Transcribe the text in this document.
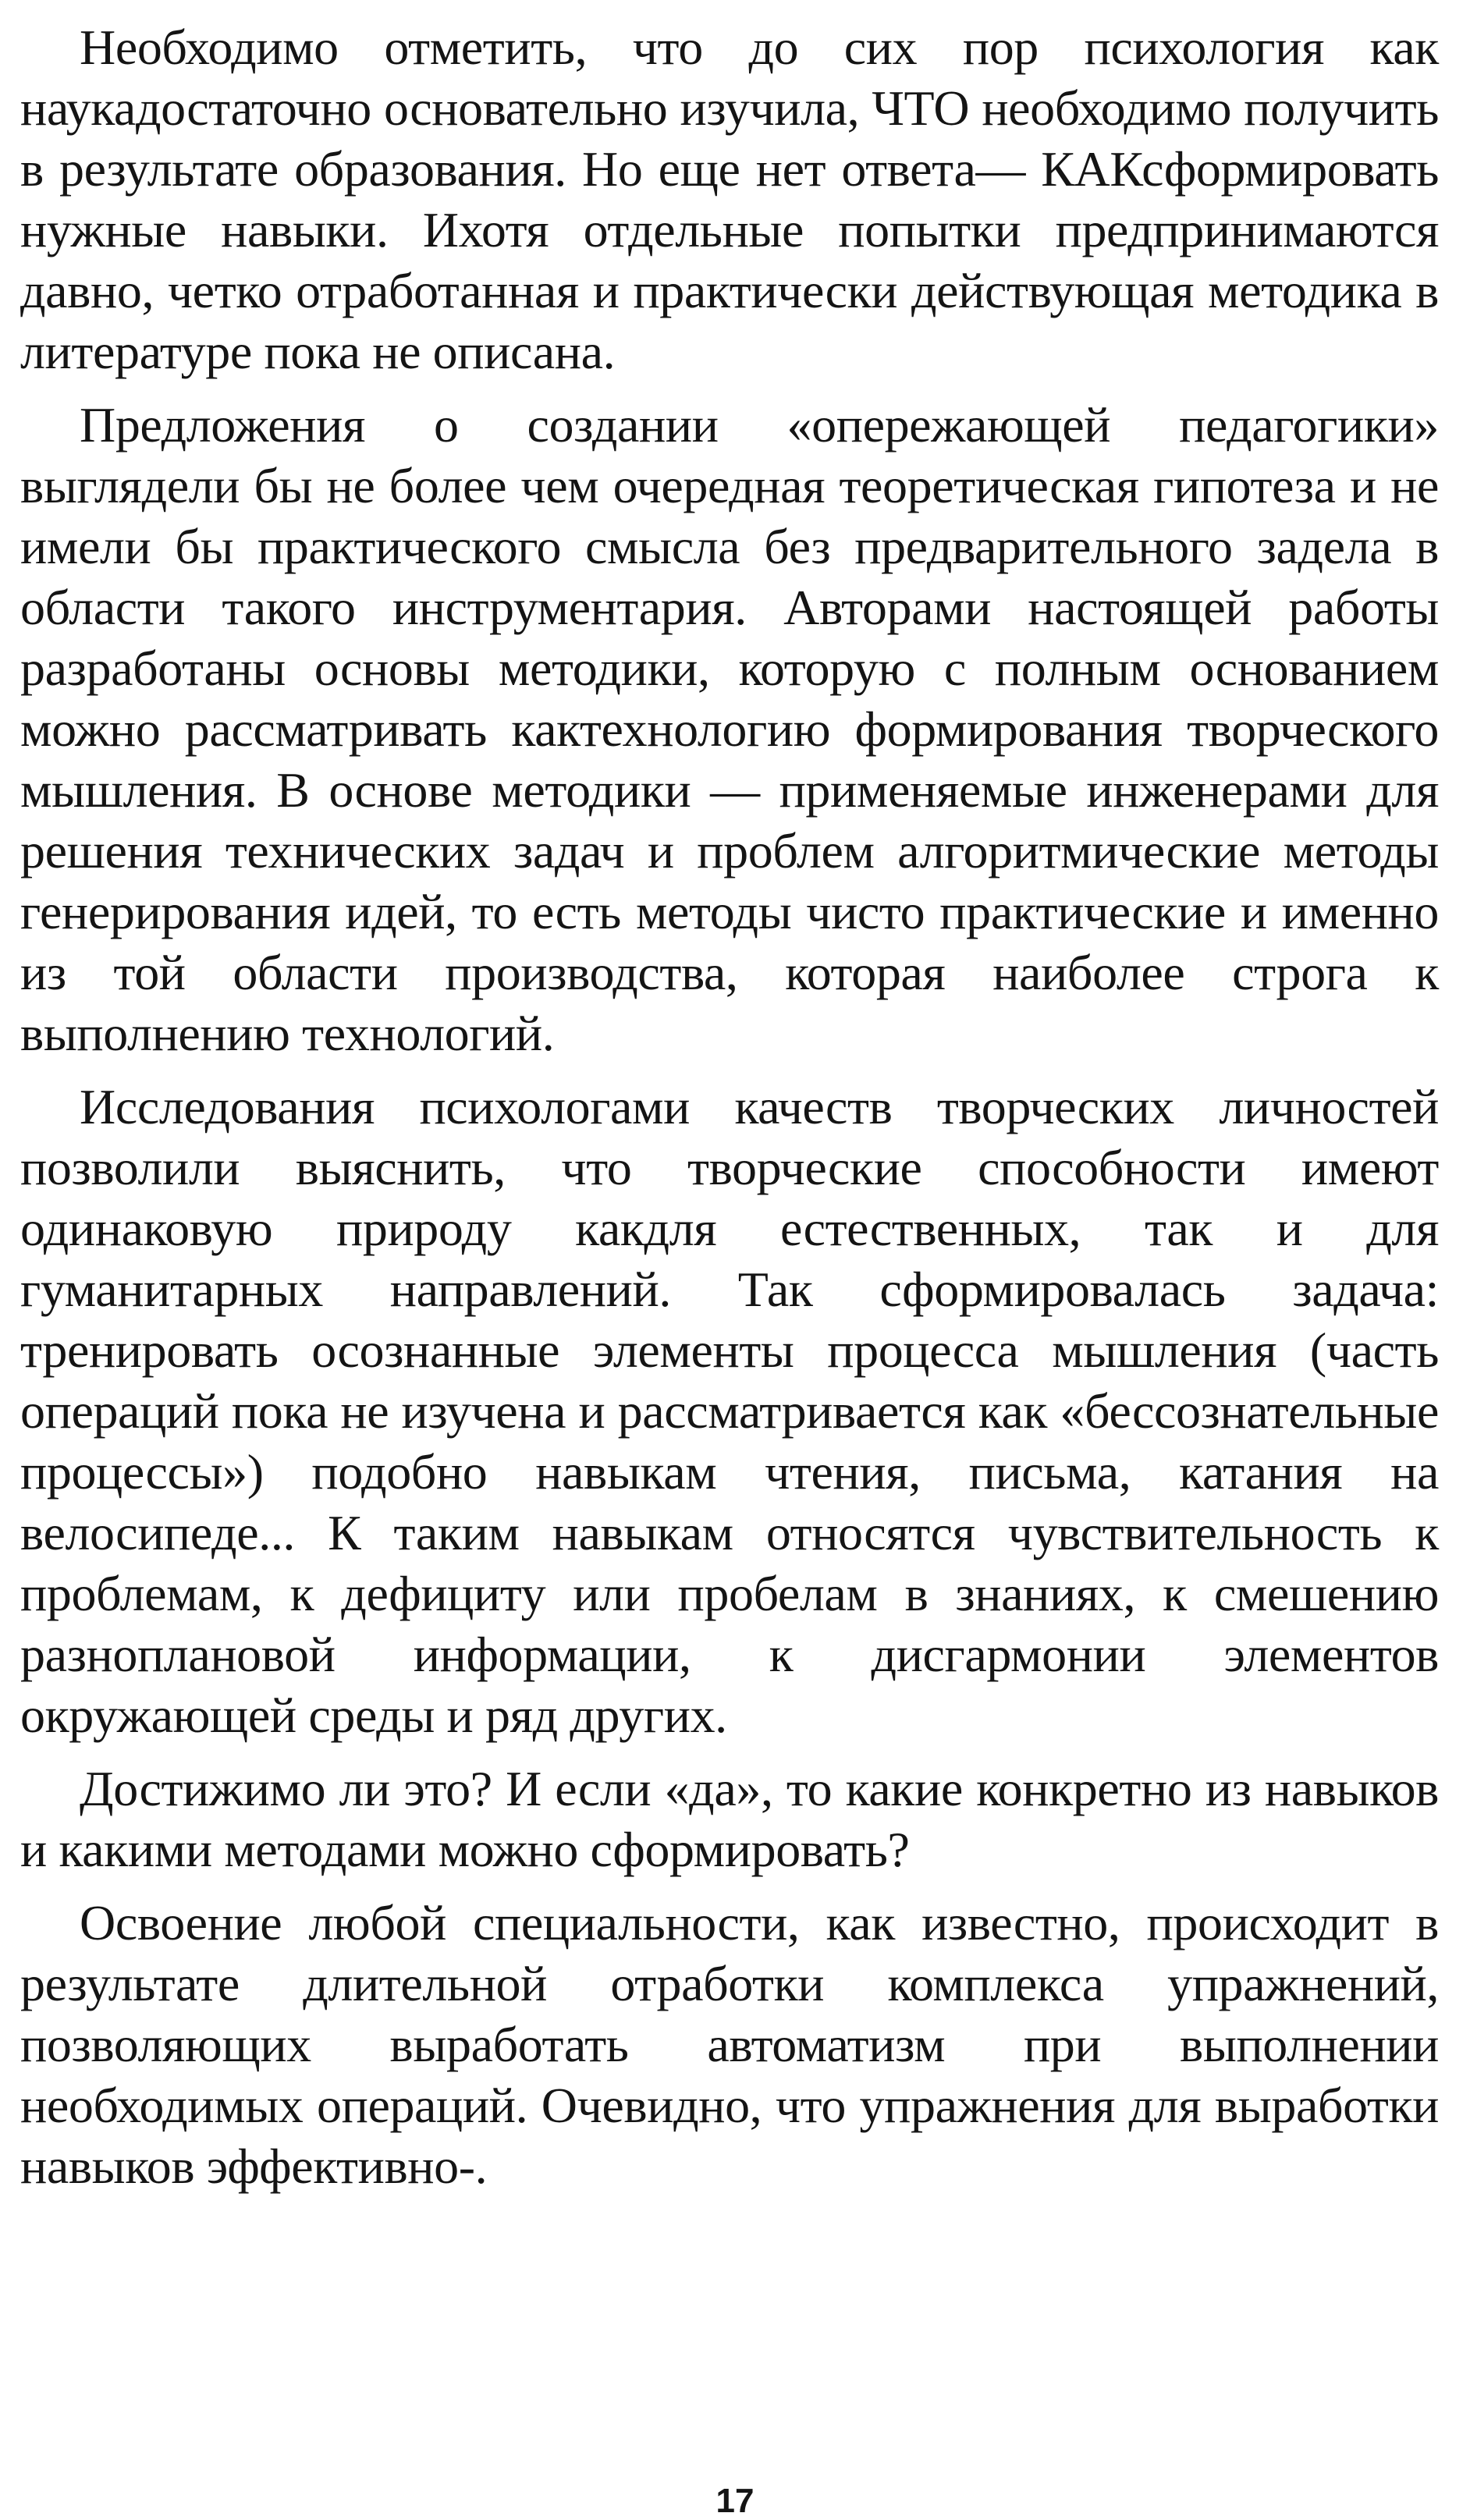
Необходимо отметить, что до сих пор психология как наукадостаточно основательно изучила, ЧТО необходимо получить в результате образования. Но еще нет ответа— КАКсформировать нужные навыки. Ихотя отдельные попытки предпринимаются давно, четко отработанная и практически действующая методика в литературе пока не описана.

Предложения о создании «опережающей педагогики» выглядели бы не более чем очередная теоретическая гипотеза и не имели бы практического смысла без предварительного задела в области такого инструментария. Авторами настоящей работы разработаны основы методики, которую с полным основанием можно рассматривать кактехнологию формирования творческого мышления. В основе методики — применяемые инженерами для решения технических задач и проблем алгоритмические методы генерирования идей, то есть методы чисто практические и именно из той области производства, которая наиболее строга к выполнению технологий.

Исследования психологами качеств творческих личностей позволили выяснить, что творческие способности имеют одинаковую природу какдля естественных, так и для гуманитарных направлений. Так сформировалась задача: тренировать осознанные элементы процесса мышления (часть операций пока не изучена и рассматривается как «бессознательные процессы») подобно навыкам чтения, письма, катания на велосипеде... К таким навыкам относятся чувствительность к проблемам, к дефициту или пробелам в знаниях, к смешению разноплановой информации, к дисгармонии элементов окружающей среды и ряд других.

Достижимо ли это? И если «да», то какие конкретно из навыков и какими методами можно сформировать?

Освоение любой специальности, как известно, происходит в результате длительной отработки комплекса упражнений, позволяющих выработать автоматизм при выполнении необходимых операций. Очевидно, что упражнения для выработки навыков эффективно-.

17
